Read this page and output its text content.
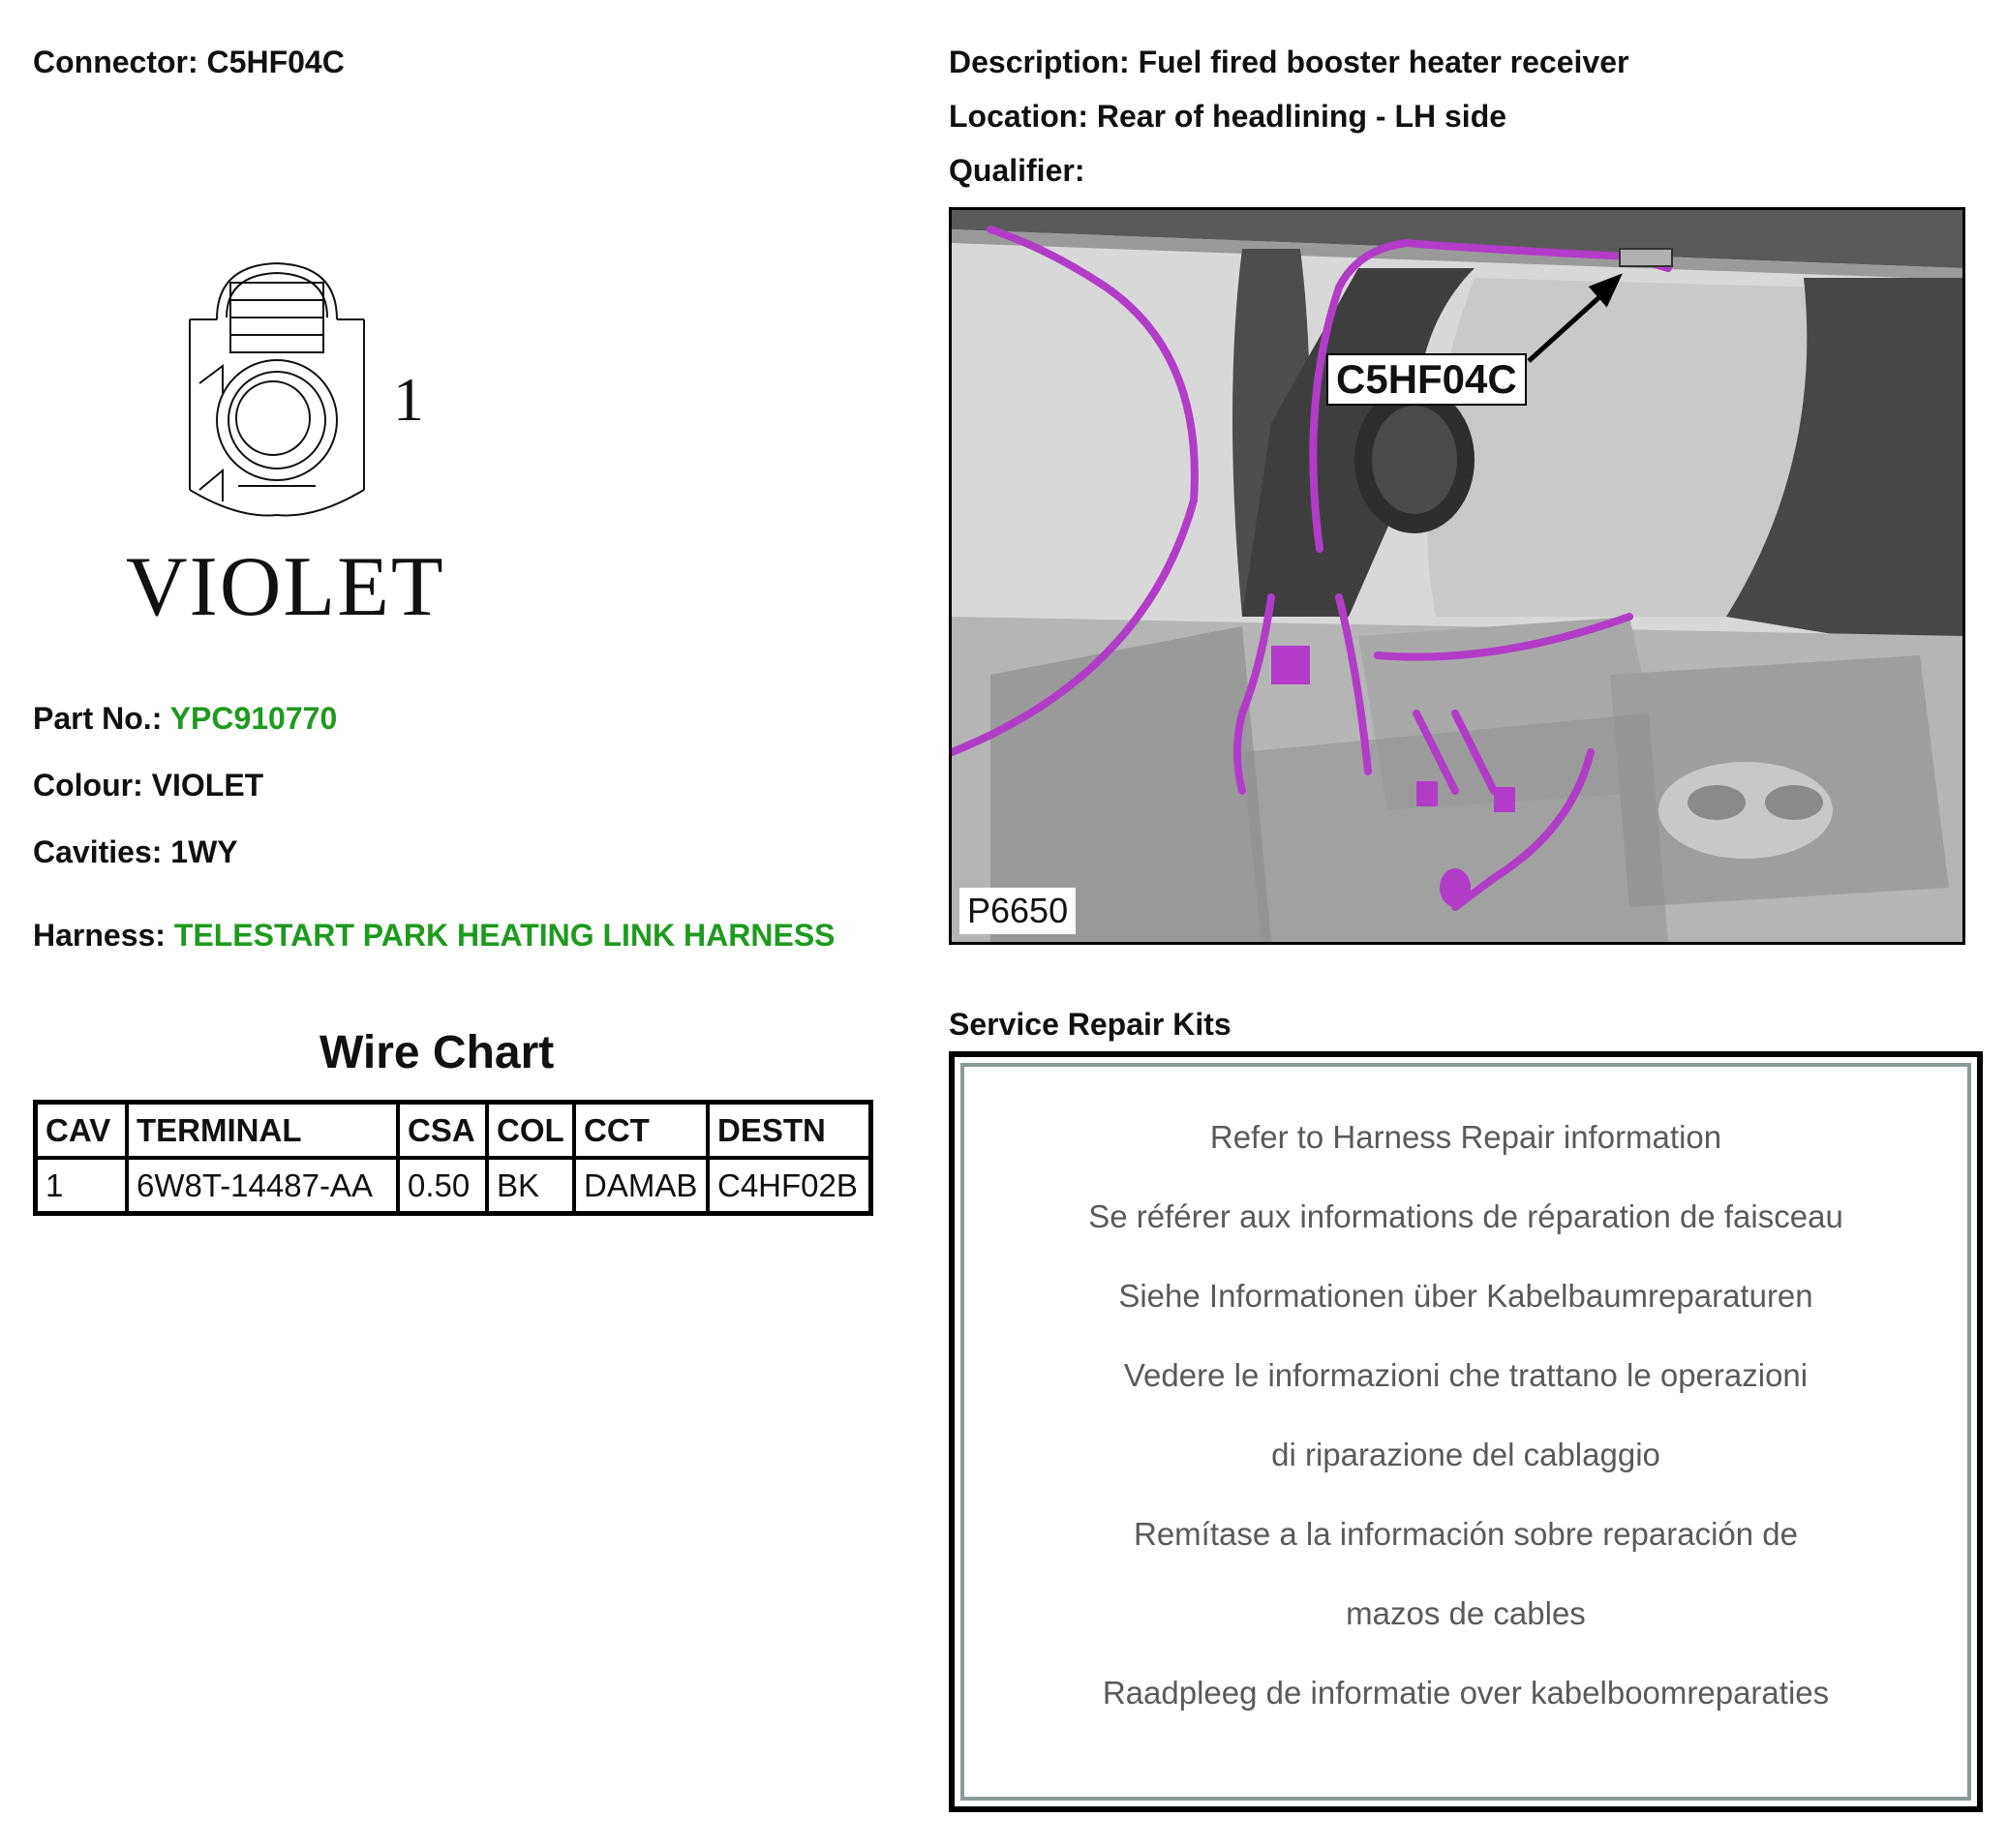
Connector: C5HF04C
1
VIOLET
Part No.: YPC910770
Colour: VIOLET
Cavities: 1WY
Harness: TELESTART PARK HEATING LINK HARNESS
Wire Chart
CAV	TERMINAL	CSA	COL	CCT	DESTN
1	6W8T-14487-AA	0.50	BK	DAMAB	C4HF02B
Description: Fuel fired booster heater receiver
Location: Rear of headlining - LH side
Qualifier:
C5HF04C
P6650
Service Repair Kits
Refer to Harness Repair information
Se référer aux informations de réparation de faisceau
Siehe Informationen über Kabelbaumreparaturen
Vedere le informazioni che trattano le operazioni
di riparazione del cablaggio
Remítase a la información sobre reparación de
mazos de cables
Raadpleeg de informatie over kabelboomreparaties
